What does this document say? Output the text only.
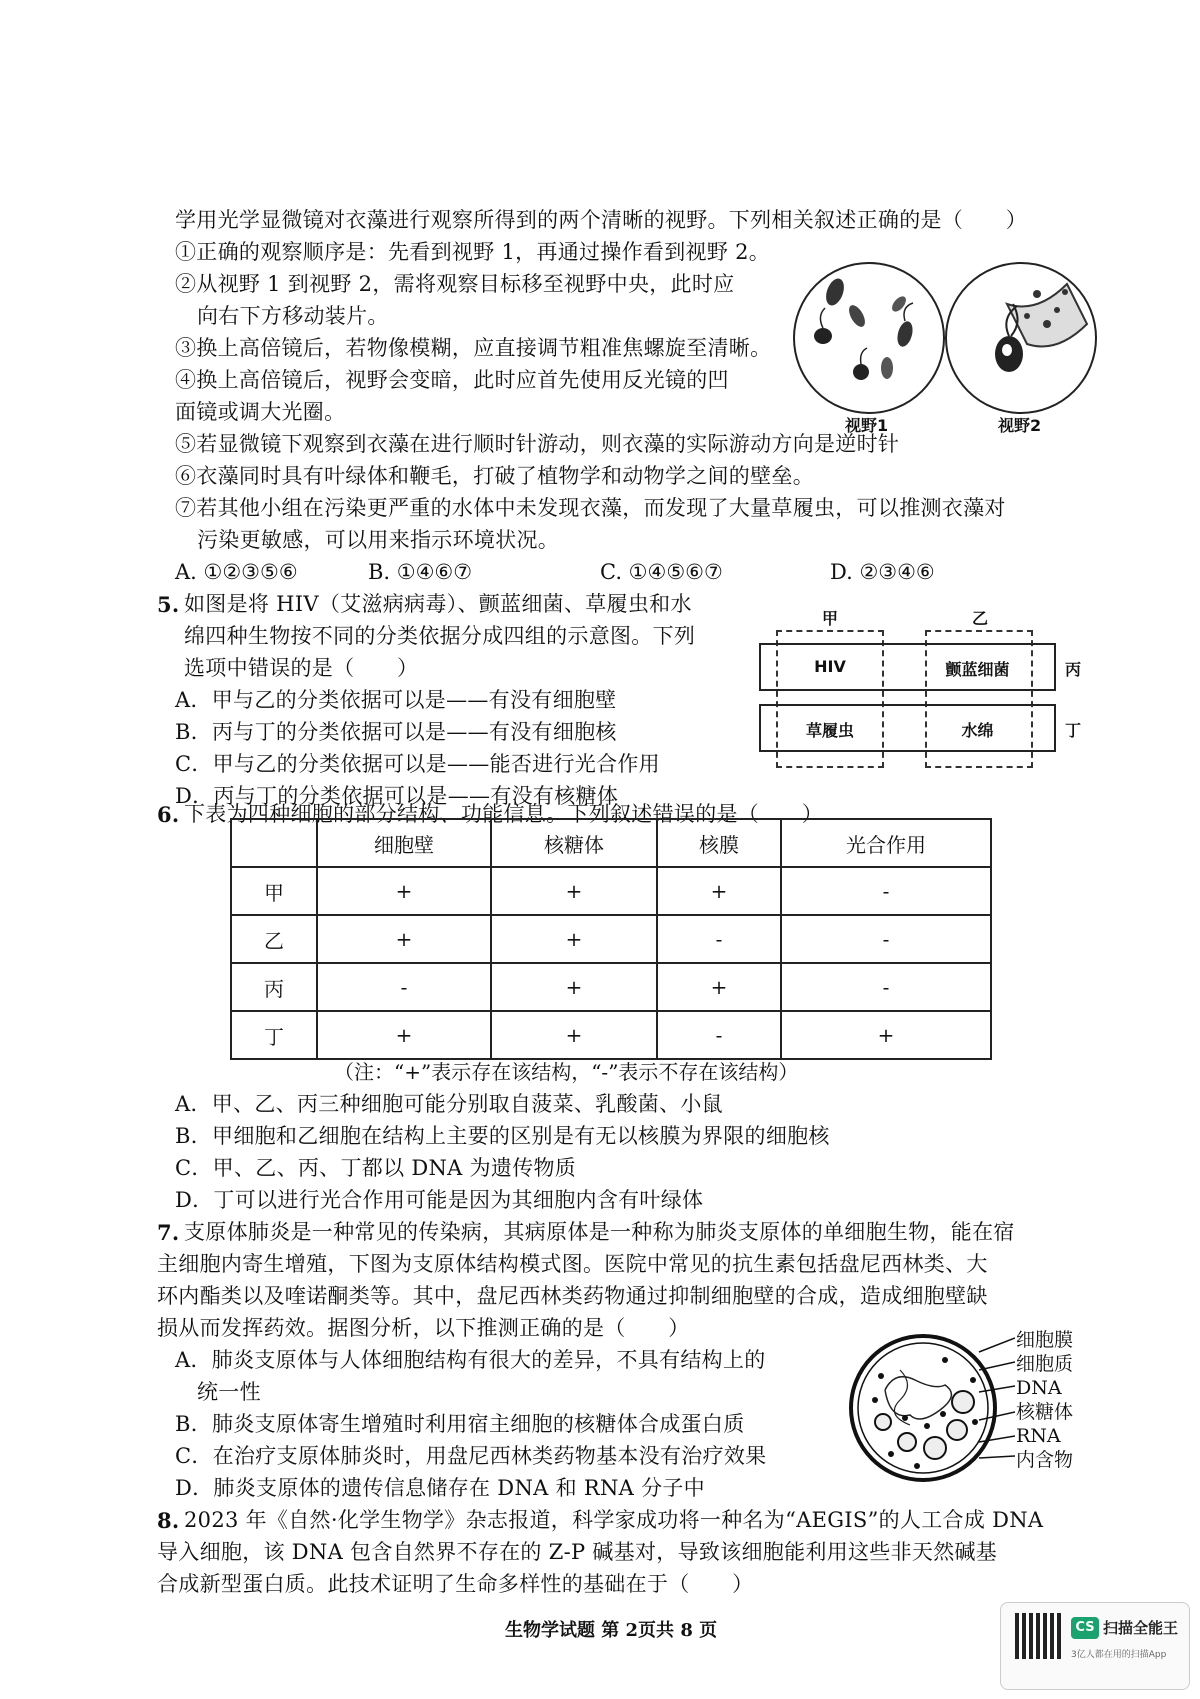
学用光学显微镜对衣藻进行观察所得到的两个清晰的视野。下列相关叙述正确的是（　　）
①正确的观察顺序是：先看到视野 1，再通过操作看到视野 2。
②从视野 1 到视野 2，需将观察目标移至视野中央，此时应
向右下方移动装片。
③换上高倍镜后，若物像模糊，应直接调节粗准焦螺旋至清晰。
④换上高倍镜后，视野会变暗，此时应首先使用反光镜的凹
面镜或调大光圈。
⑤若显微镜下观察到衣藻在进行顺时针游动，则衣藻的实际游动方向是逆时针
⑥衣藻同时具有叶绿体和鞭毛，打破了植物学和动物学之间的壁垒。
⑦若其他小组在污染更严重的水体中未发现衣藻，而发现了大量草履虫，可以推测衣藻对
污染更敏感，可以用来指示环境状况。
A. ①②③⑤⑥	B. ①④⑥⑦	C. ①④⑤⑥⑦	D. ②③④⑥
视野1	视野2
5. 如图是将 HIV（艾滋病病毒）、颤蓝细菌、草履虫和水
绵四种生物按不同的分类依据分成四组的示意图。下列
选项中错误的是（　　）
A．甲与乙的分类依据可以是——有没有细胞壁
B．丙与丁的分类依据可以是——有没有细胞核
C．甲与乙的分类依据可以是——能否进行光合作用
D．丙与丁的分类依据可以是——有没有核糖体
甲	乙
HIV	颤蓝细菌
草履虫	水绵
丙
丁
6. 下表为四种细胞的部分结构、功能信息。下列叙述错误的是（　　）
	细胞壁	核糖体	核膜	光合作用
甲	+	+	+	-
乙	+	+	-	-
丙	-	+	+	-
丁	+	+	-	+
（注：“+”表示存在该结构，“-”表示不存在该结构）
A．甲、乙、丙三种细胞可能分别取自菠菜、乳酸菌、小鼠
B．甲细胞和乙细胞在结构上主要的区别是有无以核膜为界限的细胞核
C．甲、乙、丙、丁都以 DNA 为遗传物质
D．丁可以进行光合作用可能是因为其细胞内含有叶绿体
7. 支原体肺炎是一种常见的传染病，其病原体是一种称为肺炎支原体的单细胞生物，能在宿
主细胞内寄生增殖，下图为支原体结构模式图。医院中常见的抗生素包括盘尼西林类、大
环内酯类以及喹诺酮类等。其中，盘尼西林类药物通过抑制细胞壁的合成，造成细胞壁缺
损从而发挥药效。据图分析，以下推测正确的是（　　）
A．肺炎支原体与人体细胞结构有很大的差异，不具有结构上的
统一性
B．肺炎支原体寄生增殖时利用宿主细胞的核糖体合成蛋白质
C．在治疗支原体肺炎时，用盘尼西林类药物基本没有治疗效果
D．肺炎支原体的遗传信息储存在 DNA 和 RNA 分子中
细胞膜
细胞质
DNA
核糖体
RNA
内含物
8. 2023 年《自然·化学生物学》杂志报道，科学家成功将一种名为“AEGIS”的人工合成 DNA
导入细胞，该 DNA 包含自然界不存在的 Z-P 碱基对，导致该细胞能利用这些非天然碱基
合成新型蛋白质。此技术证明了生命多样性的基础在于（　　）
生物学试题 第 2页共 8 页	CS 扫描全能王
3亿人都在用的扫描App
